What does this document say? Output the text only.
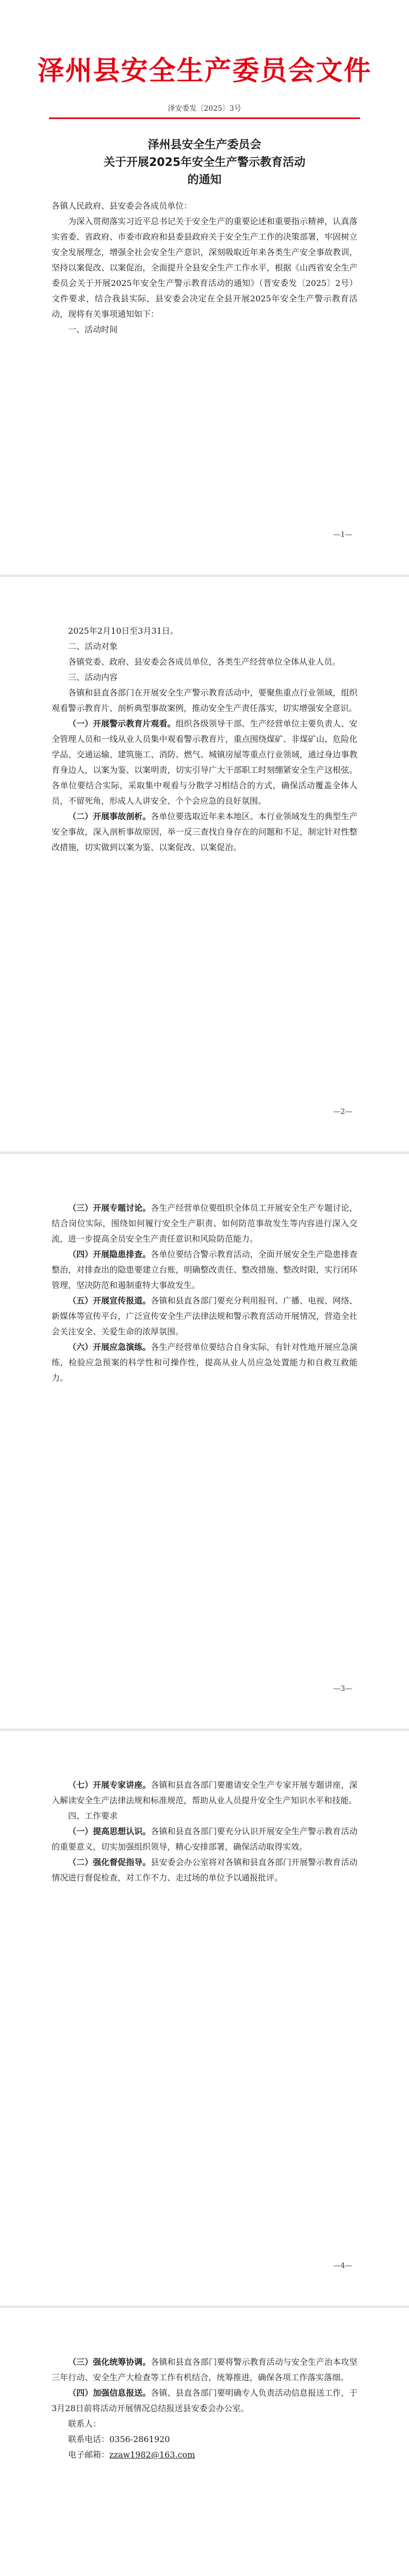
泽州县安全生产委员会文件
泽安委发〔2025〕3号
泽州县安全生产委员会
关于开展2025年安全生产警示教育活动
的通知

各镇人民政府、县安委会各成员单位：

为深入贯彻落实习近平总书记关于安全生产的重要论述和重要指示精神，认真落实省委、省政府、市委市政府和县委县政府关于安全生产工作的决策部署，牢固树立安全发展理念，增强全社会安全生产意识，深刻吸取近年来各类生产安全事故教训，坚持以案促改、以案促治，全面提升全县安全生产工作水平，根据《山西省安全生产委员会关于开展2025年安全生产警示教育活动的通知》（晋安委发〔2025〕2号）文件要求，结合我县实际，县安委会决定在全县开展2025年安全生产警示教育活动，现将有关事项通知如下：

一、活动时间

—1—

2025年2月10日至3月31日。

二、活动对象

各镇党委、政府、县安委会各成员单位，各类生产经营单位全体从业人员。

三、活动内容

各镇和县直各部门在开展安全生产警示教育活动中，要聚焦重点行业领域，组织观看警示教育片、剖析典型事故案例，推动安全生产责任落实，切实增强安全意识。

（一）开展警示教育片观看。组织各级领导干部、生产经营单位主要负责人、安全管理人员和一线从业人员集中观看警示教育片，重点围绕煤矿、非煤矿山、危险化学品、交通运输、建筑施工、消防、燃气、城镇房屋等重点行业领域，通过身边事教育身边人，以案为鉴、以案明责，切实引导广大干部职工时刻绷紧安全生产这根弦。各单位要结合实际，采取集中观看与分散学习相结合的方式，确保活动覆盖全体人员，不留死角，形成人人讲安全、个个会应急的良好氛围。

（二）开展事故剖析。各单位要选取近年来本地区、本行业领域发生的典型生产安全事故，深入剖析事故原因，举一反三查找自身存在的问题和不足，制定针对性整改措施，切实做到以案为鉴、以案促改、以案促治。

—2—

（三）开展专题讨论。各生产经营单位要组织全体员工开展安全生产专题讨论，结合岗位实际，围绕如何履行安全生产职责、如何防范事故发生等内容进行深入交流，进一步提高全员安全生产责任意识和风险防范能力。

（四）开展隐患排查。各单位要结合警示教育活动，全面开展安全生产隐患排查整治，对排查出的隐患要建立台账，明确整改责任、整改措施、整改时限，实行闭环管理，坚决防范和遏制重特大事故发生。

（五）开展宣传报道。各镇和县直各部门要充分利用报刊、广播、电视、网络、新媒体等宣传平台，广泛宣传安全生产法律法规和警示教育活动开展情况，营造全社会关注安全、关爱生命的浓厚氛围。

（六）开展应急演练。各生产经营单位要结合自身实际，有针对性地开展应急演练，检验应急预案的科学性和可操作性，提高从业人员应急处置能力和自救互救能力。

—3—

（七）开展专家讲座。各镇和县直各部门要邀请安全生产专家开展专题讲座，深入解读安全生产法律法规和标准规范，帮助从业人员提升安全生产知识水平和技能。

四、工作要求

（一）提高思想认识。各镇和县直各部门要充分认识开展安全生产警示教育活动的重要意义，切实加强组织领导，精心安排部署，确保活动取得实效。

（二）强化督促指导。县安委会办公室将对各镇和县直各部门开展警示教育活动情况进行督促检查，对工作不力、走过场的单位予以通报批评。

—4—

（三）强化统筹协调。各镇和县直各部门要将警示教育活动与安全生产治本攻坚三年行动、安全生产大检查等工作有机结合，统筹推进，确保各项工作落实落细。

（四）加强信息报送。各镇、县直各部门要明确专人负责活动信息报送工作，于3月28日前将活动开展情况总结报送县安委会办公室。

联系人：

联系电话：0356-2861920

电子邮箱：zzaw1982@163.com
